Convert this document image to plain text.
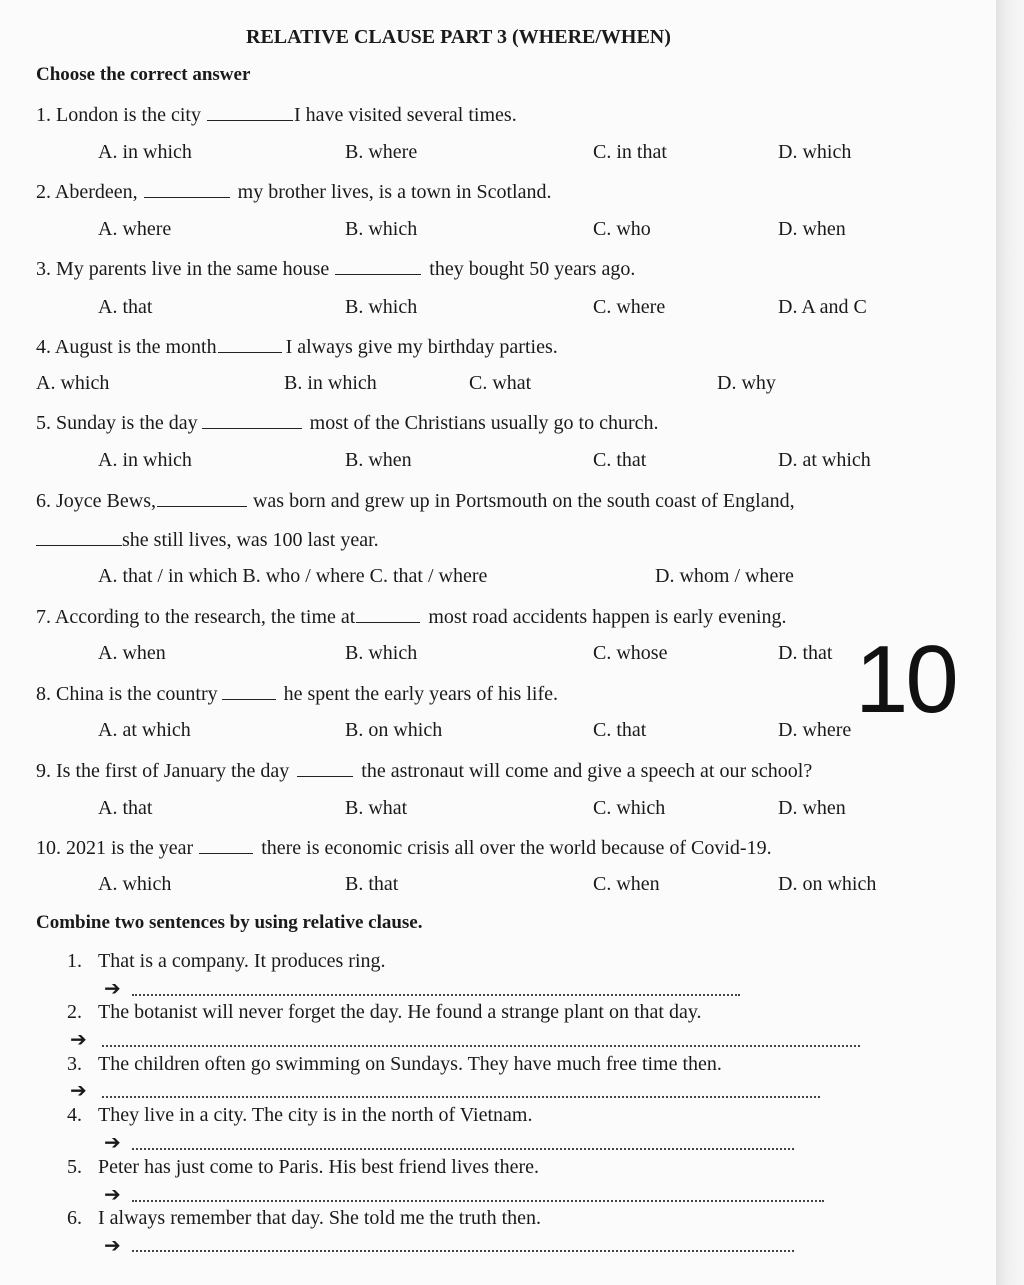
RELATIVE CLAUSE PART 3 (WHERE/WHEN)
Choose the correct answer
1. London is the city	I have visited several times.
A. in which	B. where	C. in that	D. which
2. Aberdeen,	my brother lives, is a town in Scotland.
A. where	B. which	C. who	D. when
3. My parents live in the same house	they bought 50 years ago.
A. that	B. which	C. where	D. A and C
4. August is the month	I always give my birthday parties.
A. which	B. in which	C. what	D. why
5. Sunday is the day	most of the Christians usually go to church.
A. in which	B. when	C. that	D. at which
6. Joyce Bews,	was born and grew up in Portsmouth on the south coast of England,
she still lives, was 100 last year.
A. that / in which B. who / where C. that / where	D. whom / where
7. According to the research, the time at	most road accidents happen is early evening.
A. when	B. which	C. whose	D. that 10
8. China is the country	he spent the early years of his life.
A. at which	B. on which	C. that	D. where
9. Is the first of January the day	the astronaut will come and give a speech at our school?
A. that	B. what	C. which	D. when
10. 2021 is the year	there is economic crisis all over the world because of Covid-19.
A. which	B. that	C. when	D. on which
Combine two sentences by using relative clause.
1. That is a company. It produces ring.
➔
2. The botanist will never forget the day. He found a strange plant on that day.
➔
3. The children often go swimming on Sundays. They have much free time then.
➔
4. They live in a city. The city is in the north of Vietnam.
➔
5. Peter has just come to Paris. His best friend lives there.
➔
6. I always remember that day. She told me the truth then.
➔
